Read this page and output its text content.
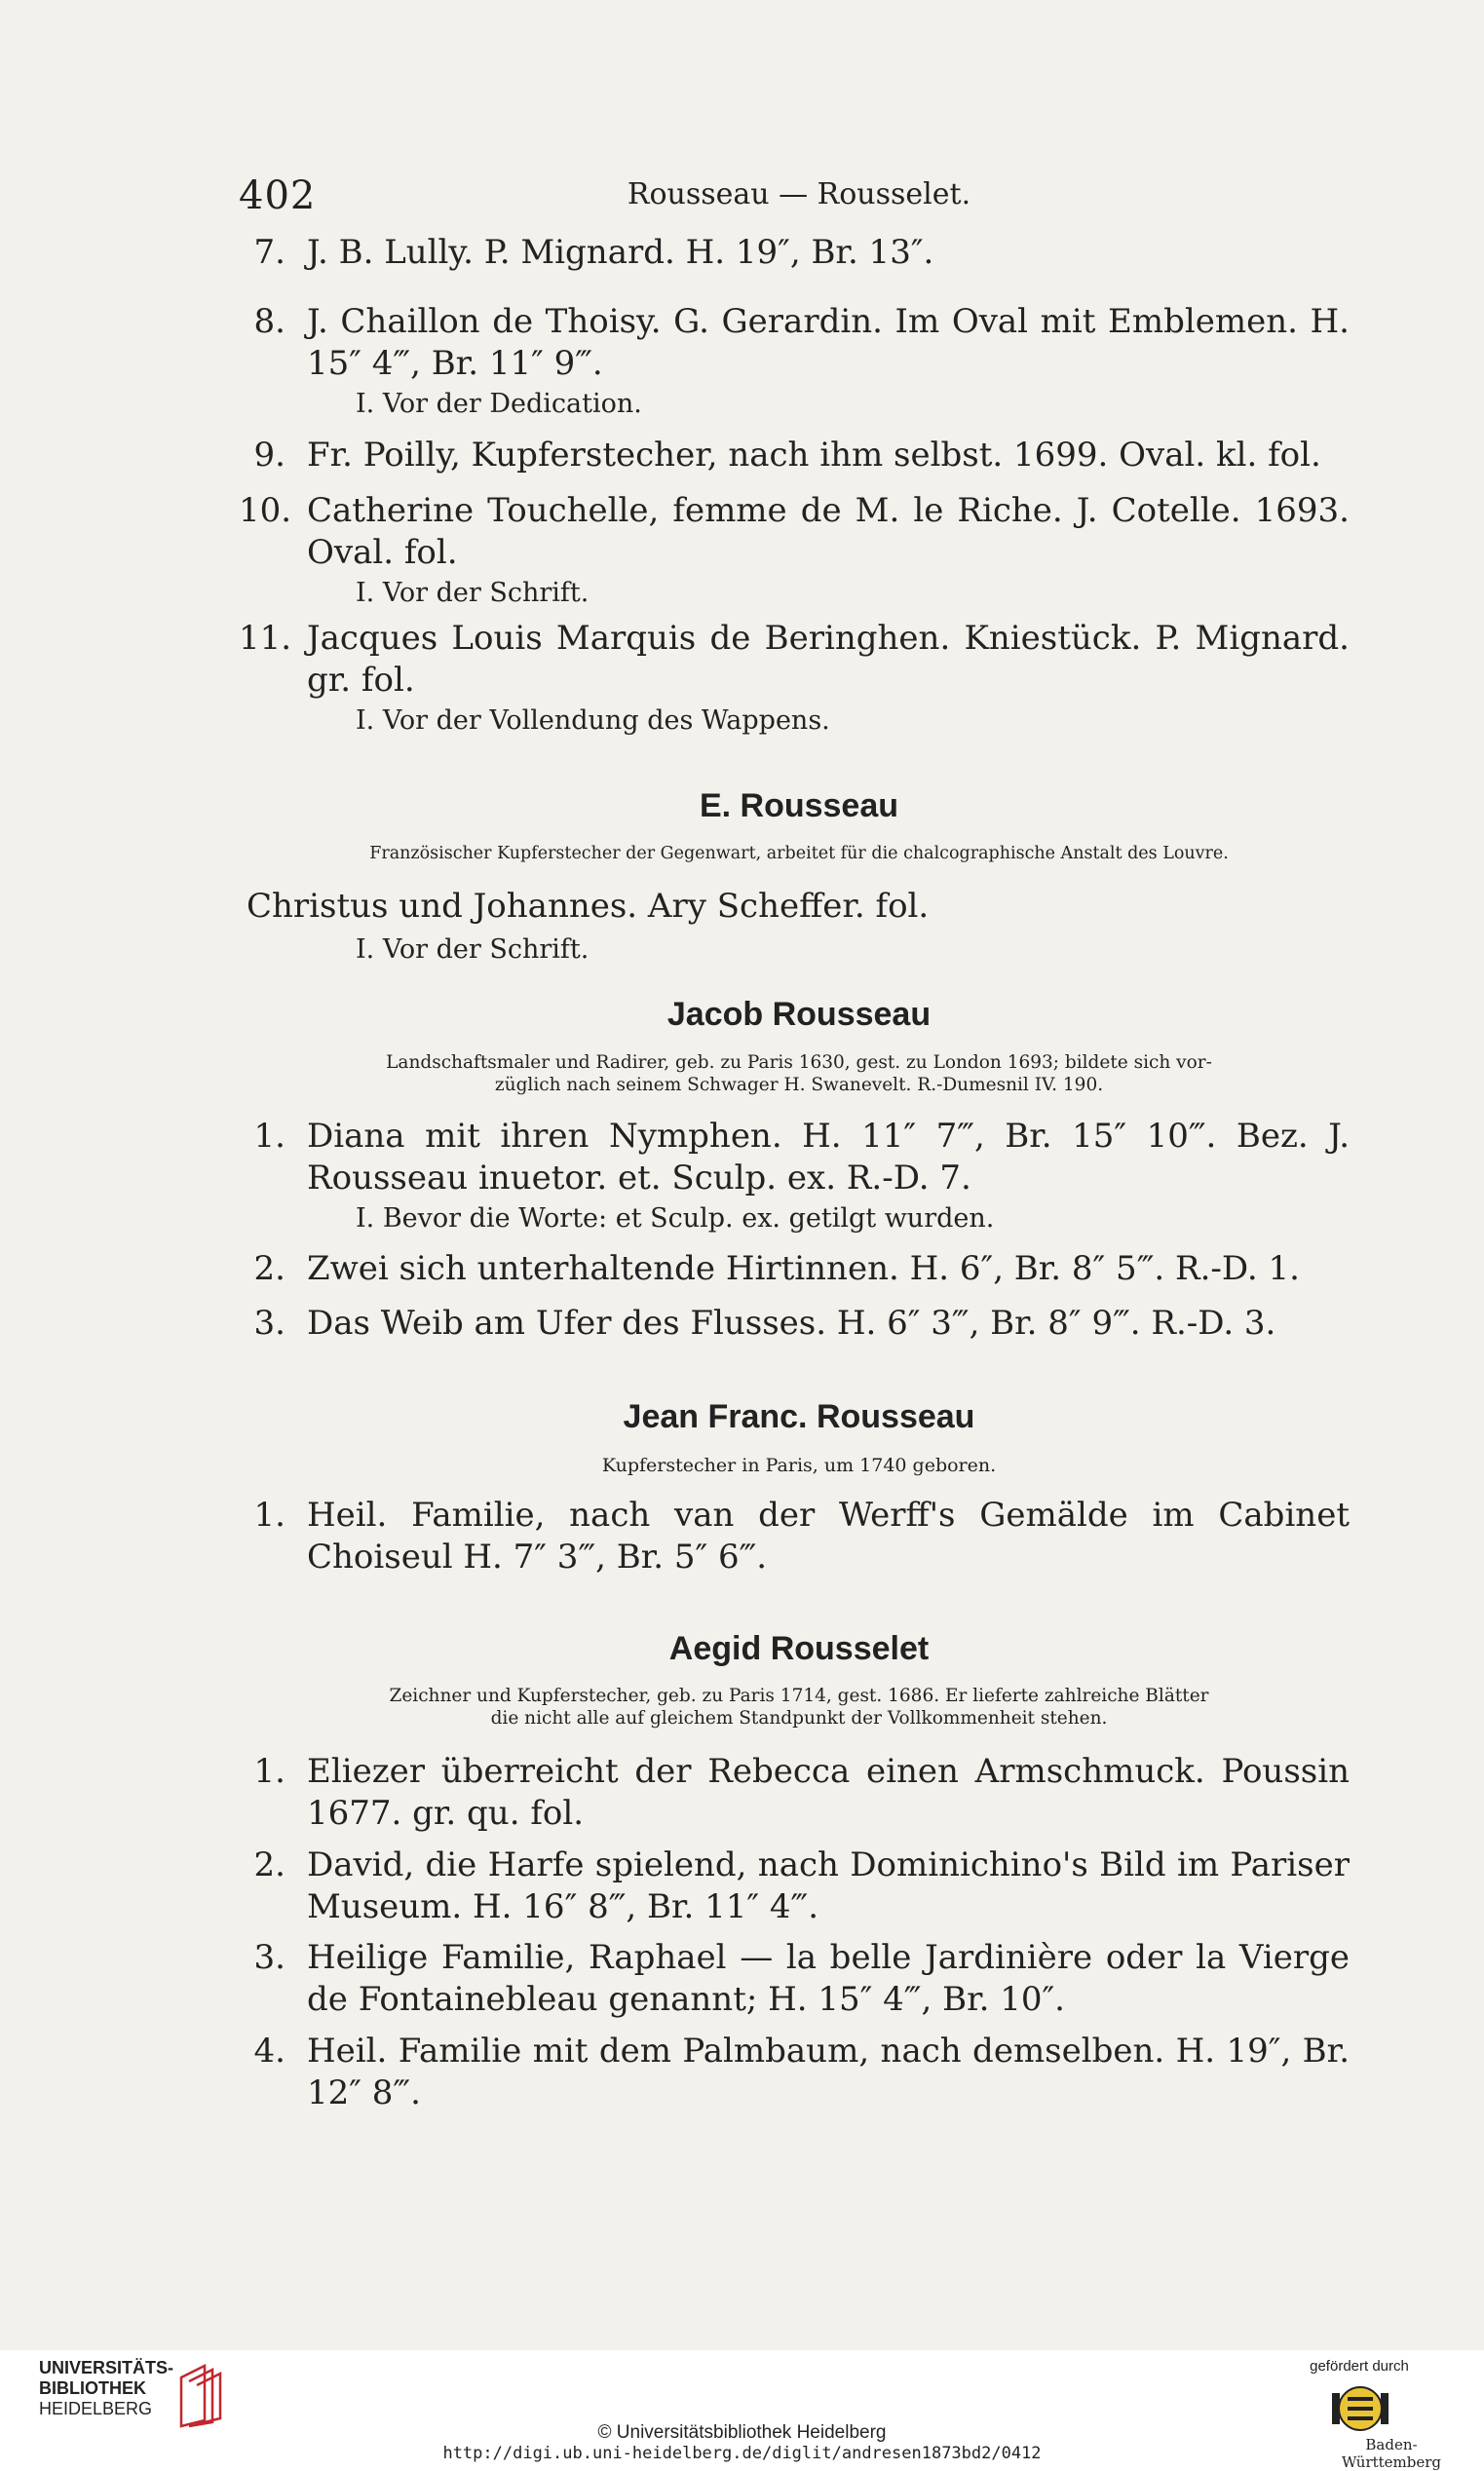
402	Rousseau — Rousselet.
7. J. B. Lully. P. Mignard. H. 19″, Br. 13″.
8. J. Chaillon de Thoisy. G. Gerardin. Im Oval mit Emblemen. H. 15″ 4‴, Br. 11″ 9‴.
I. Vor der Dedication.
9. Fr. Poilly, Kupferstecher, nach ihm selbst. 1699. Oval. kl. fol.
10. Catherine Touchelle, femme de M. le Riche. J. Cotelle. 1693. Oval. fol.
I. Vor der Schrift.
11. Jacques Louis Marquis de Beringhen. Kniestück. P. Mignard. gr. fol.
I. Vor der Vollendung des Wappens.
E. Rousseau
Französischer Kupferstecher der Gegenwart, arbeitet für die chalcographische Anstalt des Louvre.
Christus und Johannes. Ary Scheffer. fol.
I. Vor der Schrift.
Jacob Rousseau
Landschaftsmaler und Radirer, geb. zu Paris 1630, gest. zu London 1693; bildete sich vor-
züglich nach seinem Schwager H. Swanevelt. R.-Dumesnil IV. 190.
1. Diana mit ihren Nymphen. H. 11″ 7‴, Br. 15″ 10‴. Bez. J. Rousseau inuetor. et. Sculp. ex. R.-D. 7.
I. Bevor die Worte: et Sculp. ex. getilgt wurden.
2. Zwei sich unterhaltende Hirtinnen. H. 6″, Br. 8″ 5‴. R.-D. 1.
3. Das Weib am Ufer des Flusses. H. 6″ 3‴, Br. 8″ 9‴. R.-D. 3.
Jean Franc. Rousseau
Kupferstecher in Paris, um 1740 geboren.
1. Heil. Familie, nach van der Werff's Gemälde im Cabinet Choiseul H. 7″ 3‴, Br. 5″ 6‴.
Aegid Rousselet
Zeichner und Kupferstecher, geb. zu Paris 1714, gest. 1686. Er lieferte zahlreiche Blätter
die nicht alle auf gleichem Standpunkt der Vollkommenheit stehen.
1. Eliezer überreicht der Rebecca einen Armschmuck. Poussin 1677. gr. qu. fol.
2. David, die Harfe spielend, nach Dominichino's Bild im Pariser Museum. H. 16″ 8‴, Br. 11″ 4‴.
3. Heilige Familie, Raphael — la belle Jardinière oder la Vierge de Fontainebleau genannt; H. 15″ 4‴, Br. 10″.
4. Heil. Familie mit dem Palmbaum, nach demselben. H. 19″, Br. 12″ 8‴.
UNIVERSITÄTS-
BIBLIOTHEK
HEIDELBERG
© Universitätsbibliothek Heidelberg
http://digi.ub.uni-heidelberg.de/diglit/andresen1873bd2/0412
gefördert durch
Baden-Württemberg
